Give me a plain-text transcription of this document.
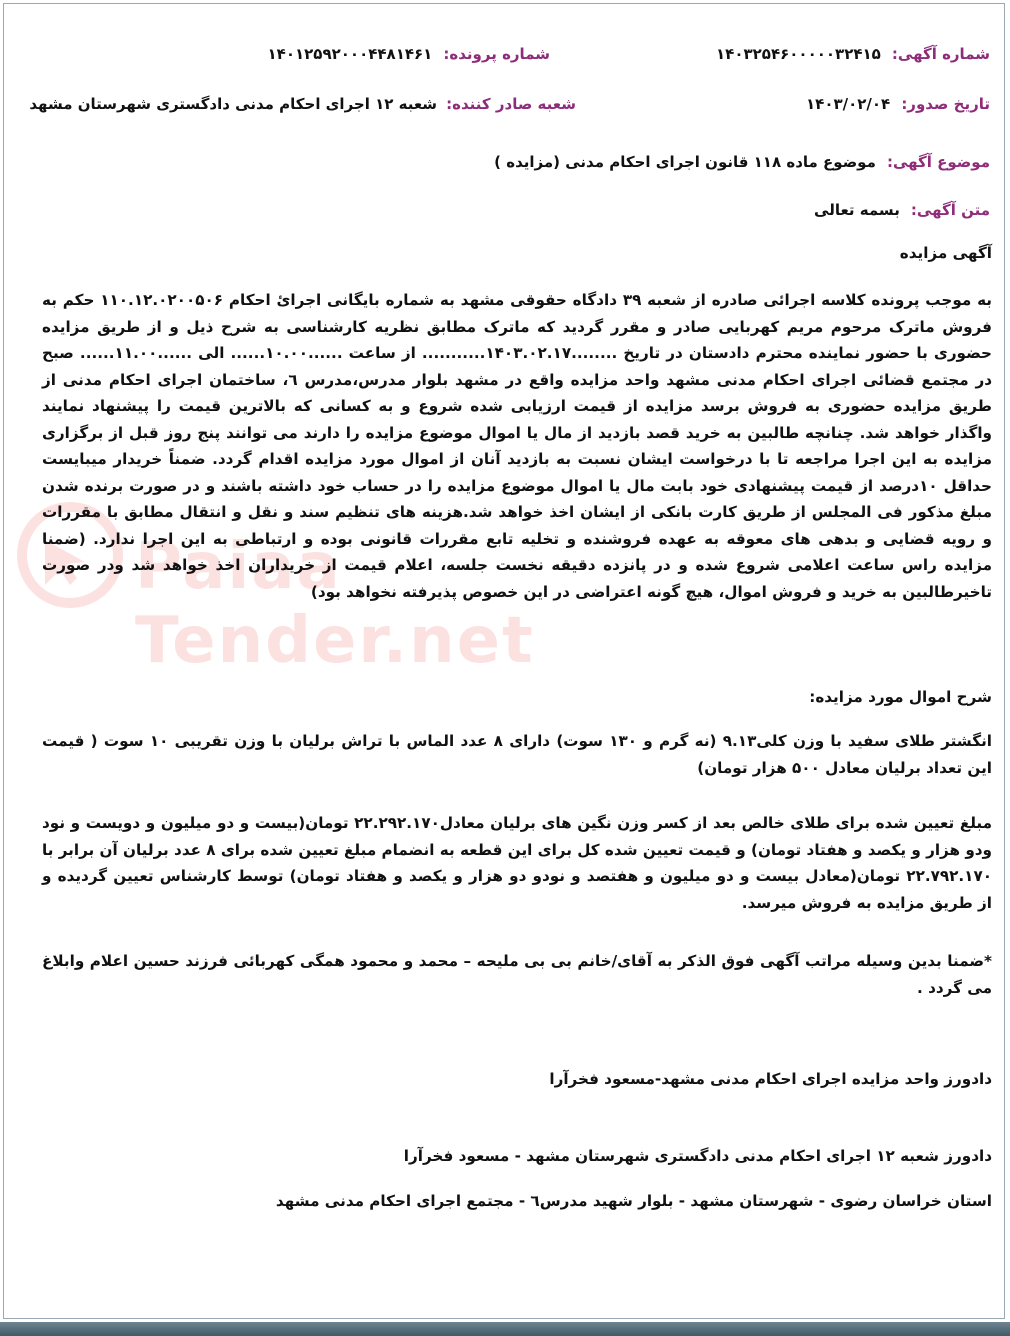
Paiaa Tender.net
شماره آگهی: ۱۴۰۳۲۵۴۶۰۰۰۰۰۳۲۴۱۵
شماره پرونده: ۱۴۰۱۲۵۹۲۰۰۰۴۴۸۱۴۶۱
تاریخ صدور: ۱۴۰۳/۰۲/۰۴
شعبه صادر کننده: شعبه ۱۲ اجرای احکام مدنی دادگستری شهرستان مشهد
موضوع آگهی: موضوع ماده ۱۱۸ قانون اجرای احکام مدنی (مزایده )
متن آگهی: بسمه تعالی
آگهی مزایده

به موجب پرونده کلاسه اجرائی صادره از شعبه ۳۹ دادگاه حقوقی مشهد به شماره بایگانی اجرائ احکام ۱۱۰.۱۲.۰۲۰۰۵۰۶ حکم به فروش ماترک مرحوم مریم کهربایی صادر و مقرر گردید که ماترک مطابق نظریه کارشناسی به شرح ذیل و از طریق مزایده حضوری با حضور نماینده محترم دادستان در تاریخ ........۱۴۰۳.۰۲.۱۷........... از ساعت ......۱۰.۰۰...... الی ......۱۱.۰۰...... صبح در مجتمع قضائی اجرای احکام مدنی مشهد واحد مزایده واقع در مشهد بلوار مدرس،مدرس ٦، ساختمان اجرای احکام مدنی از طریق مزایده حضوری به فروش برسد مزایده از قیمت ارزیابی شده شروع و به کسانی که بالاترین قیمت را پیشنهاد نمایند واگذار خواهد شد. چنانچه طالبین به خرید قصد بازدید از مال یا اموال موضوع مزایده را دارند می توانند پنج روز قبل از برگزاری مزایده به این اجرا مراجعه تا با درخواست ایشان نسبت به بازدید آنان از اموال مورد مزایده اقدام گردد. ضمناً خریدار میبایست حداقل ۱۰درصد از قیمت پیشنهادی خود بابت مال یا اموال موضوع مزایده را در حساب خود داشته باشند و در صورت برنده شدن مبلغ مذکور فی المجلس از طریق کارت بانکی از ایشان اخذ خواهد شد.هزینه های تنظیم سند و نقل و انتقال مطابق با مقررات و رویه قضایی و بدهی های معوقه به عهده فروشنده و تخلیه تابع مقررات قانونی بوده و ارتباطی به این اجرا ندارد. (ضمنا مزایده راس ساعت اعلامی شروع شده و در پانزده دقیقه نخست جلسه، اعلام قیمت از خریداران اخذ خواهد شد ودر صورت تاخیرطالبین به خرید و فروش اموال، هیچ گونه اعتراضی در این خصوص پذیرفته نخواهد بود)

شرح اموال مورد مزایده:

انگشتر طلای سفید با وزن کلی۹.۱۳ (نه گرم و ۱۳۰ سوت) دارای ۸ عدد الماس با تراش برلیان با وزن تقریبی ۱۰ سوت ( قیمت این تعداد برلیان معادل ۵۰۰ هزار تومان)

مبلغ تعیین شده برای طلای خالص بعد از کسر وزن نگین های برلیان معادل۲۲.۲۹۲.۱۷۰ تومان(بیست و دو میلیون و دویست و نود ودو هزار و یکصد و هفتاد تومان) و قیمت تعیین شده کل برای این قطعه به انضمام مبلغ تعیین شده برای ۸ عدد برلیان آن برابر با ۲۲.۷۹۲.۱۷۰ تومان(معادل بیست و دو میلیون و هفتصد و نودو دو هزار و یکصد و هفتاد تومان) توسط کارشناس تعیین گردیده و از طریق مزایده به فروش میرسد.

*ضمنا بدین وسیله مراتب آگهی فوق الذکر به آقای/خانم بی بی ملیحه – محمد و محمود همگی کهربائی فرزند حسین اعلام وابلاغ می گردد .

دادورز واحد مزایده اجرای احکام مدنی مشهد-مسعود فخرآرا
دادورز شعبه ۱۲ اجرای احکام مدنی دادگستری شهرستان مشهد - مسعود فخرآرا
استان خراسان رضوی - شهرستان مشهد - بلوار شهید مدرس٦ - مجتمع اجرای احکام مدنی مشهد
